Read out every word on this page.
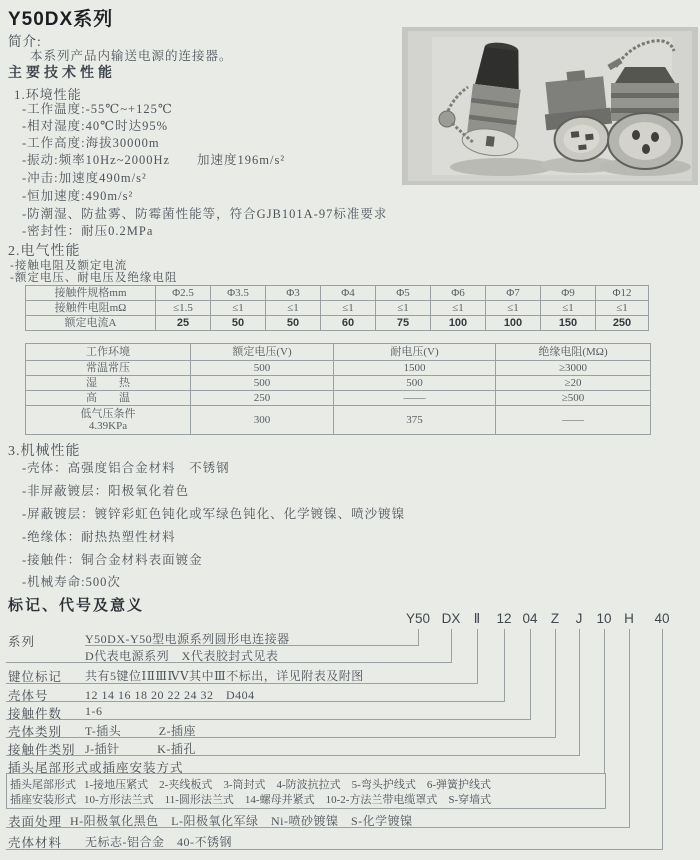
Y50DX系列
简介:
本系列产品内输送电源的连接器。
主要技术性能
1.环境性能
-工作温度:-55℃~+125℃
-相对湿度:40℃时达95%
-工作高度:海拔30000m
-振动:频率10Hz~2000Hz　　加速度196m/s²
-冲击:加速度490m/s²
-恒加速度:490m/s²
-防潮湿、防盐雾、防霉菌性能等，符合GJB101A-97标准要求
-密封性：耐压0.2MPa
2.电气性能
-接触电阻及额定电流
-额定电压、耐电压及绝缘电阻
接触件规格mm	Φ2.5	Φ3.5	Φ3	Φ4	Φ5	Φ6	Φ7	Φ9	Φ12
接触件电阻mΩ	≤1.5	≤1	≤1	≤1	≤1	≤1	≤1	≤1	≤1
额定电流A	25	50	50	60	75	100	100	150	250
工作环境	额定电压(V)	耐电压(V)	绝缘电阻(MΩ)
常温常压	500	1500	≥3000
湿　　热	500	500	≥20
高　　温	250	——	≥500

低气压条件
4.39KPa	300	375	——
3.机械性能
-壳体：高强度铝合金材料　不锈钢
-非屏蔽镀层：阳极氧化着色
-屏蔽镀层：镀锌彩虹色钝化或军绿色钝化、化学镀镍、喷沙镀镍
-绝缘体：耐热热塑性材料
-接触件：铜合金材料表面镀金
-机械寿命:500次
标记、代号及意义
Y50 DX Ⅱ 12 04 Z J 10 H 40
系列	Y50DX-Y50型电源系列圆形电连接器
D代表电源系列　X代表胶封式见表
键位标记 共有5键位ⅠⅡⅢⅣⅤ其中Ⅲ不标出，详见附表及附图
壳体号	12 14 16 18 20 22 24 32　D404
接触件数 1-6
壳体类别 T-插头　　　Z-插座
接触件类别 J-插针　　　K-插孔
插头尾部形式或插座安装方式
插头尾部形式 1-接地压紧式　2-夹线板式　3-筒封式　4-防波抗拉式　5-弯头护线式　6-弹簧护线式
插座安装形式 10-方形法兰式　11-圆形法兰式　14-螺母并紧式　10-2-方法兰带电缆罩式　S-穿墙式
表面处理 H-阳极氧化黑色　L-阳极氧化军绿　Ni-喷砂镀镍　S-化学镀镍
壳体材料 无标志-铝合金　40-不锈钢
